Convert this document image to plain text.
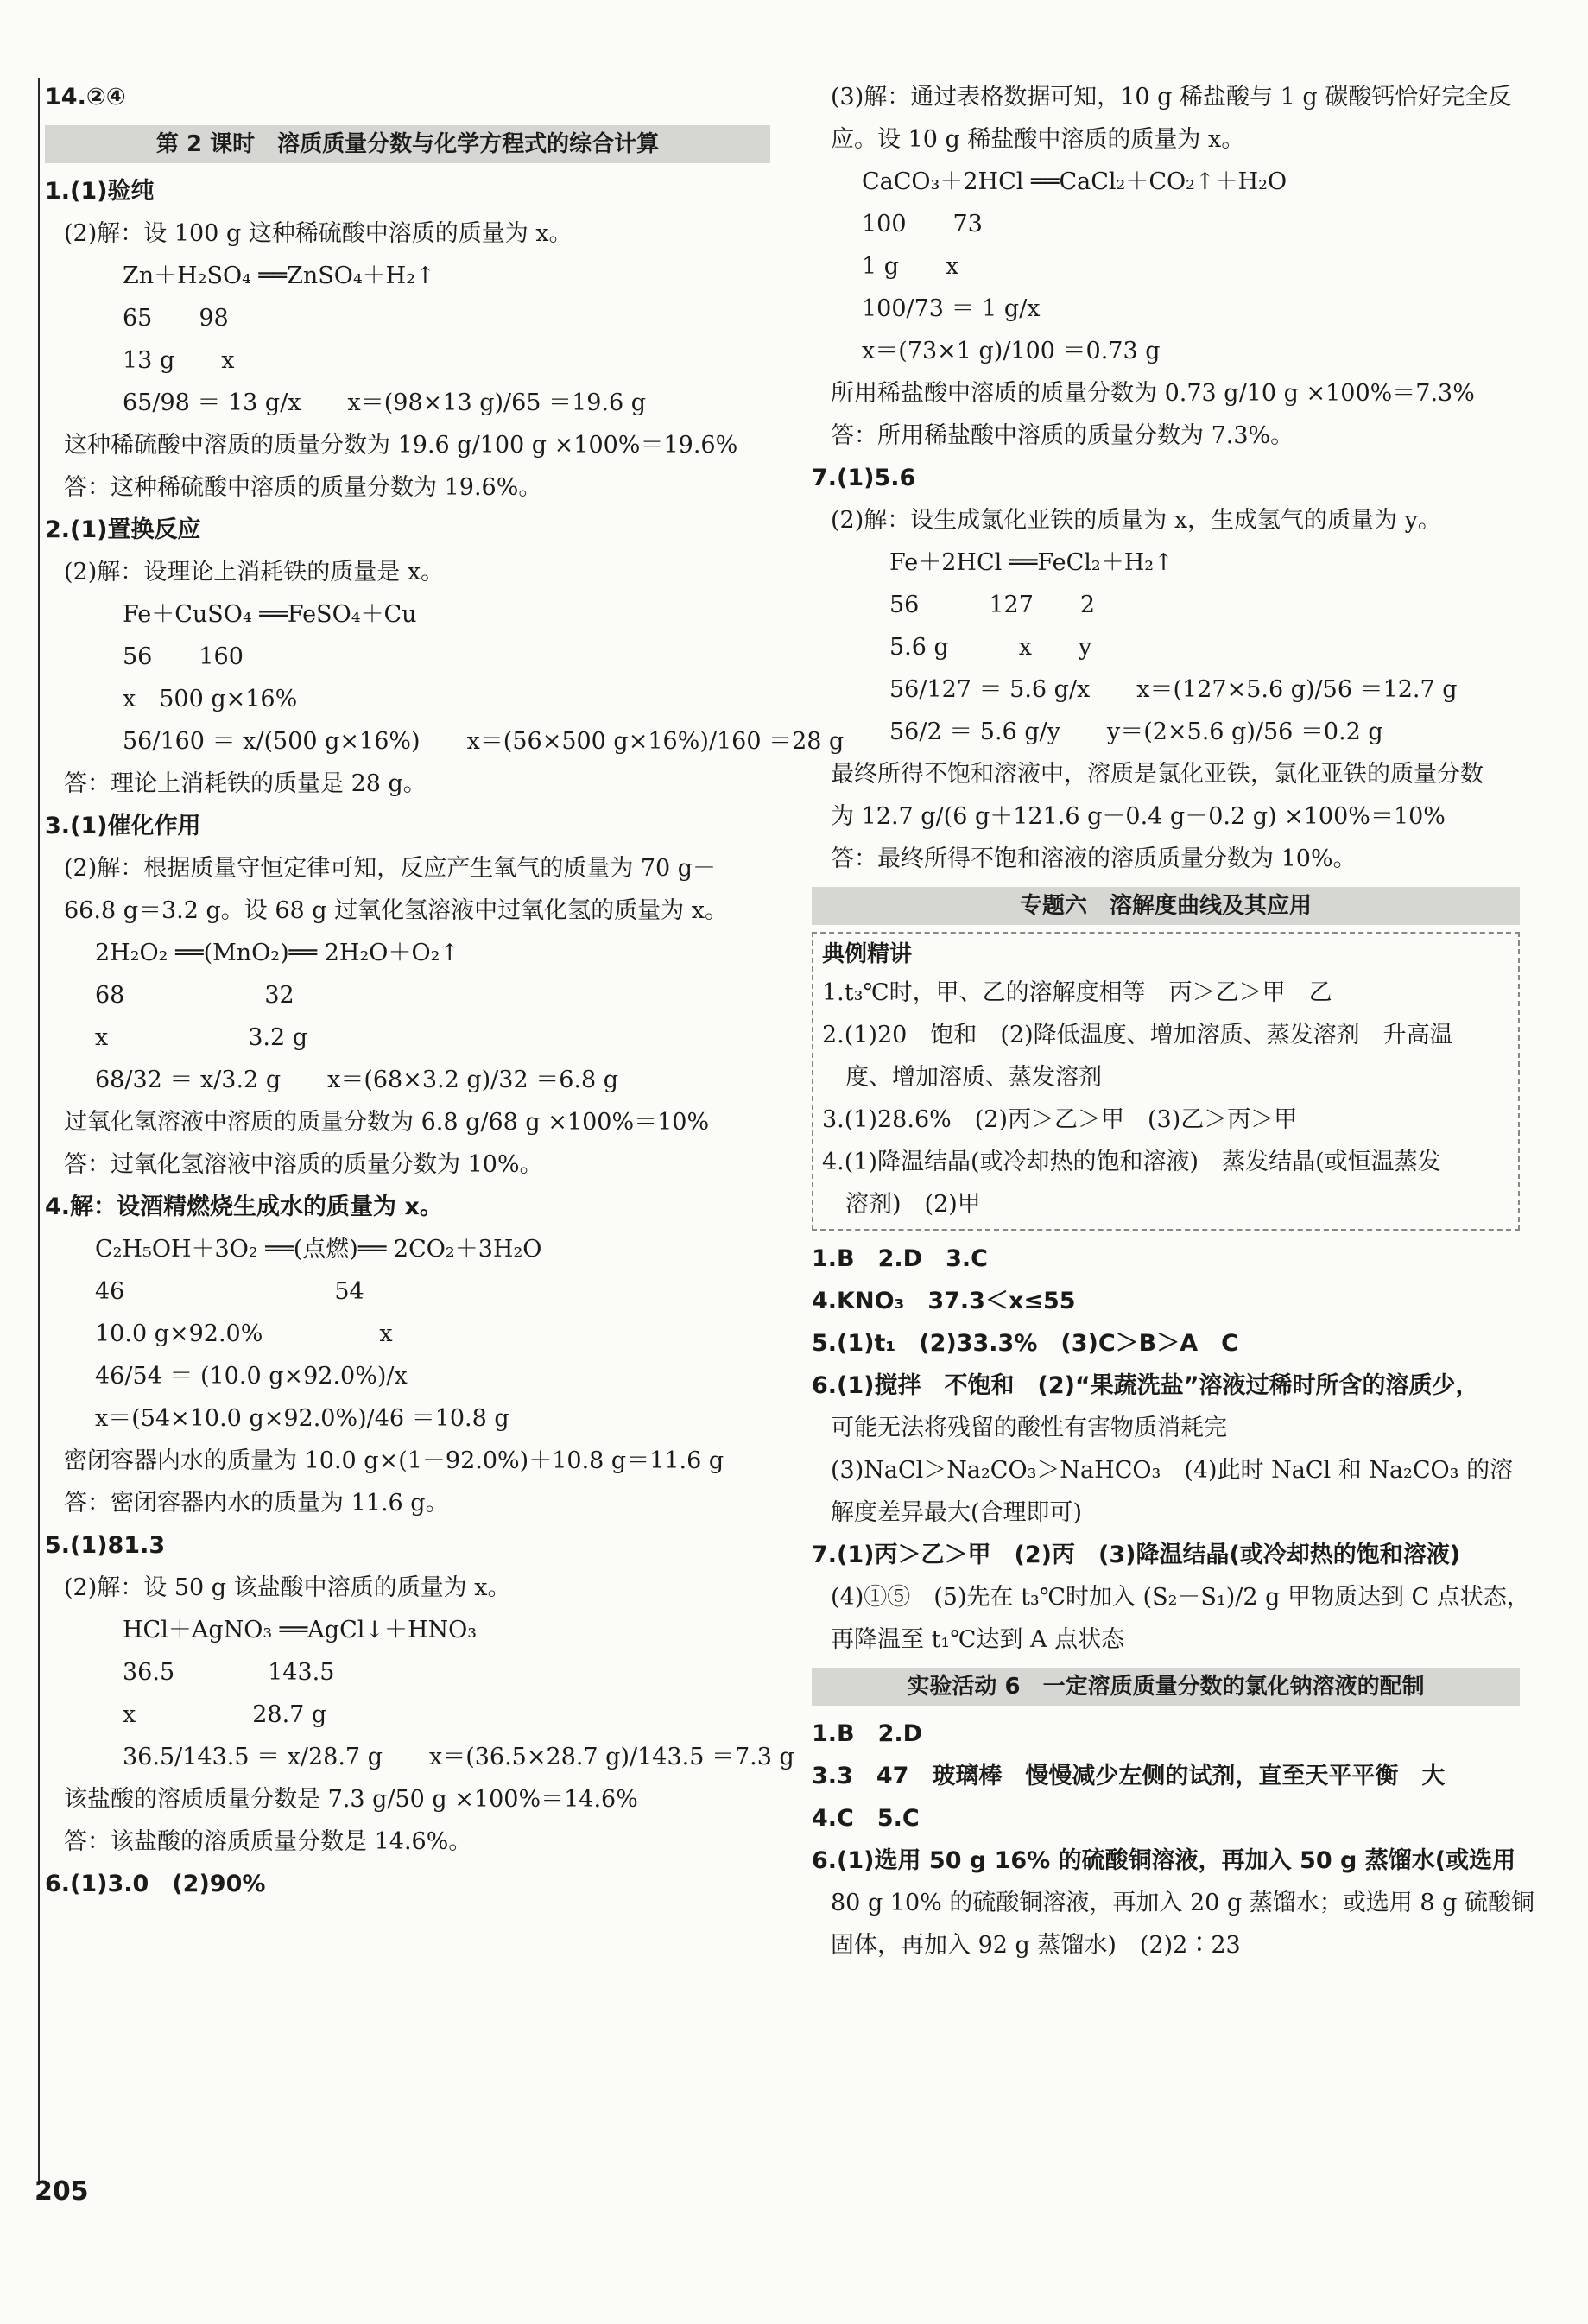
14.②④
第 2 课时　溶质质量分数与化学方程式的综合计算
1.(1)验纯
(2)解：设 100 g 这种稀硫酸中溶质的质量为 x。
Zn＋H₂SO₄ ══ZnSO₄＋H₂↑
65　　98
13 g　　x
65/98 ＝ 13 g/x　　x＝(98×13 g)/65 ＝19.6 g
这种稀硫酸中溶质的质量分数为 19.6 g/100 g ×100%＝19.6%
答：这种稀硫酸中溶质的质量分数为 19.6%。
2.(1)置换反应
(2)解：设理论上消耗铁的质量是 x。
Fe＋CuSO₄ ══FeSO₄＋Cu
56　　160
x　500 g×16%
56/160 ＝ x/(500 g×16%)　　x＝(56×500 g×16%)/160 ＝28 g
答：理论上消耗铁的质量是 28 g。
3.(1)催化作用
(2)解：根据质量守恒定律可知，反应产生氧气的质量为 70 g－
66.8 g＝3.2 g。设 68 g 过氧化氢溶液中过氧化氢的质量为 x。
2H₂O₂ ══(MnO₂)══ 2H₂O＋O₂↑
68　　　　　　32
x　　　　　　3.2 g
68/32 ＝ x/3.2 g　　x＝(68×3.2 g)/32 ＝6.8 g
过氧化氢溶液中溶质的质量分数为 6.8 g/68 g ×100%＝10%
答：过氧化氢溶液中溶质的质量分数为 10%。
4.解：设酒精燃烧生成水的质量为 x。
C₂H₅OH＋3O₂ ══(点燃)══ 2CO₂＋3H₂O
46　　　　　　　　　54
10.0 g×92.0%　　　　　x
46/54 ＝ (10.0 g×92.0%)/x
x＝(54×10.0 g×92.0%)/46 ＝10.8 g
密闭容器内水的质量为 10.0 g×(1－92.0%)＋10.8 g＝11.6 g
答：密闭容器内水的质量为 11.6 g。
5.(1)81.3
(2)解：设 50 g 该盐酸中溶质的质量为 x。
HCl＋AgNO₃ ══AgCl↓＋HNO₃
36.5　　　　143.5
x　　　　　28.7 g
36.5/143.5 ＝ x/28.7 g　　x＝(36.5×28.7 g)/143.5 ＝7.3 g
该盐酸的溶质质量分数是 7.3 g/50 g ×100%＝14.6%
答：该盐酸的溶质质量分数是 14.6%。
6.(1)3.0　(2)90%
(3)解：通过表格数据可知，10 g 稀盐酸与 1 g 碳酸钙恰好完全反
应。设 10 g 稀盐酸中溶质的质量为 x。
CaCO₃＋2HCl ══CaCl₂＋CO₂↑＋H₂O
100　　73
1 g　　x
100/73 ＝ 1 g/x
x＝(73×1 g)/100 ＝0.73 g
所用稀盐酸中溶质的质量分数为 0.73 g/10 g ×100%＝7.3%
答：所用稀盐酸中溶质的质量分数为 7.3%。
7.(1)5.6
(2)解：设生成氯化亚铁的质量为 x，生成氢气的质量为 y。
Fe＋2HCl ══FeCl₂＋H₂↑
56　　　127　　2
5.6 g　　　x　　y
56/127 ＝ 5.6 g/x　　x＝(127×5.6 g)/56 ＝12.7 g
56/2 ＝ 5.6 g/y　　y＝(2×5.6 g)/56 ＝0.2 g
最终所得不饱和溶液中，溶质是氯化亚铁，氯化亚铁的质量分数
为 12.7 g/(6 g＋121.6 g－0.4 g－0.2 g) ×100%＝10%
答：最终所得不饱和溶液的溶质质量分数为 10%。
专题六　溶解度曲线及其应用
典例精讲
1.t₃℃时，甲、乙的溶解度相等　丙＞乙＞甲　乙
2.(1)20　饱和　(2)降低温度、增加溶质、蒸发溶剂　升高温
　度、增加溶质、蒸发溶剂
3.(1)28.6%　(2)丙＞乙＞甲　(3)乙＞丙＞甲
4.(1)降温结晶(或冷却热的饱和溶液)　蒸发结晶(或恒温蒸发
　溶剂)　(2)甲
1.B　2.D　3.C
4.KNO₃　37.3＜x≤55
5.(1)t₁　(2)33.3%　(3)C＞B＞A　C
6.(1)搅拌　不饱和　(2)“果蔬洗盐”溶液过稀时所含的溶质少，
可能无法将残留的酸性有害物质消耗完
(3)NaCl＞Na₂CO₃＞NaHCO₃　(4)此时 NaCl 和 Na₂CO₃ 的溶
解度差异最大(合理即可)
7.(1)丙＞乙＞甲　(2)丙　(3)降温结晶(或冷却热的饱和溶液)
(4)①⑤　(5)先在 t₃℃时加入 (S₂－S₁)/2 g 甲物质达到 C 点状态，
再降温至 t₁℃达到 A 点状态
实验活动 6　一定溶质质量分数的氯化钠溶液的配制
1.B　2.D
3.3　47　玻璃棒　慢慢减少左侧的试剂，直至天平平衡　大
4.C　5.C
6.(1)选用 50 g 16% 的硫酸铜溶液，再加入 50 g 蒸馏水(或选用
80 g 10% 的硫酸铜溶液，再加入 20 g 蒸馏水；或选用 8 g 硫酸铜
固体，再加入 92 g 蒸馏水)　(2)2∶23
205
